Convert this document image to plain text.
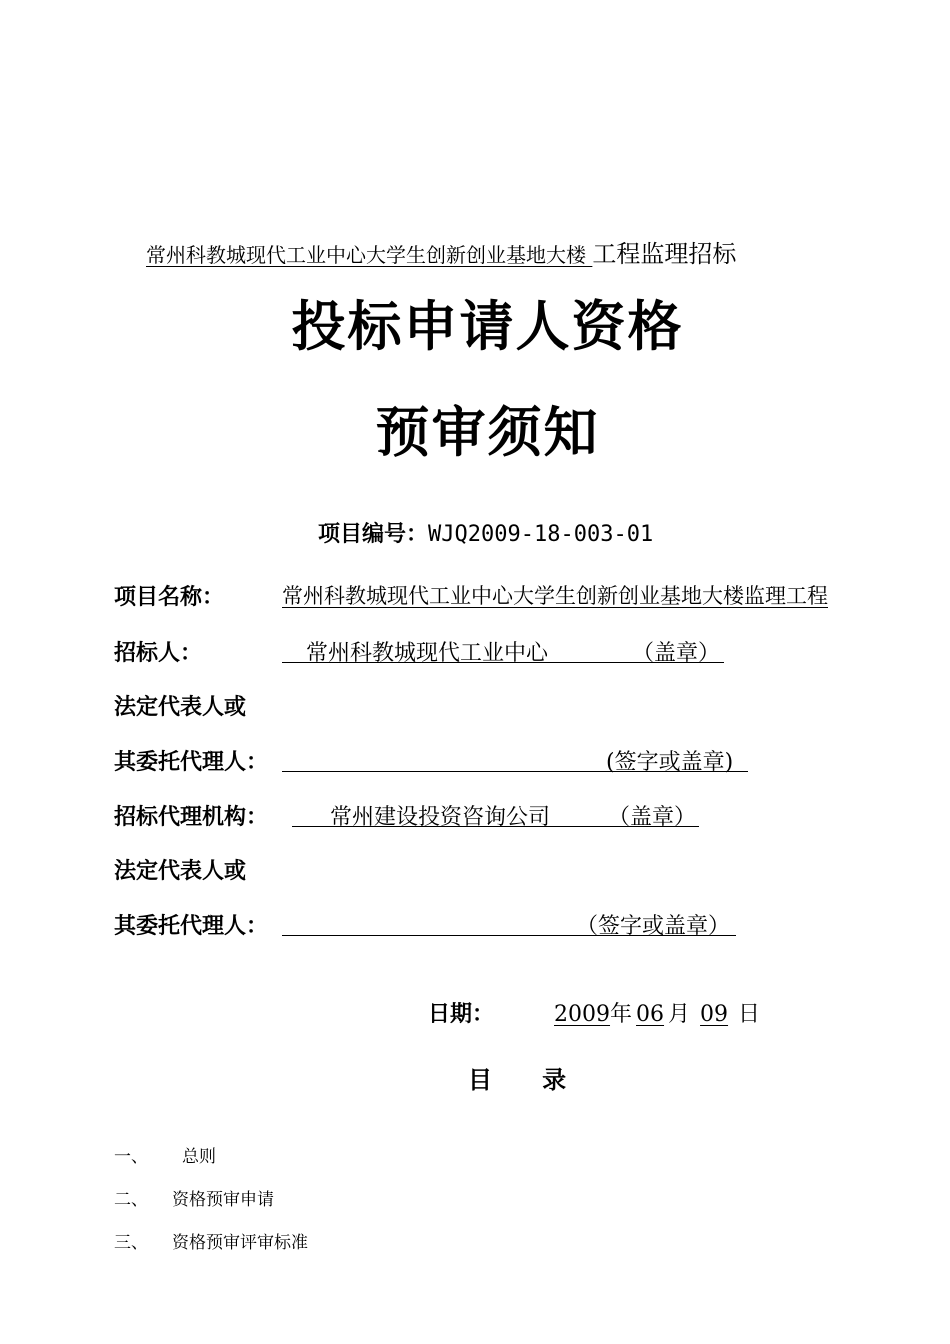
常州科教城现代工业中心大学生创新创业基地大楼 工程监理招标
投标申请人资格
预审须知
项目编号：WJQ2009-18-003-01
项目名称：	常州科教城现代工业中心大学生创新创业基地大楼监理工程
招标人：	常州科教城现代工业中心	（盖章）
法定代表人或
其委托代理人：	(签字或盖章)
招标代理机构：	常州建设投资咨询公司	（盖章）
法定代表人或
其委托代理人：	（签字或盖章）
日期：	2009年 06 月 09 日
目      录
一、 总则
二、 资格预审申请
三、 资格预审评审标准
